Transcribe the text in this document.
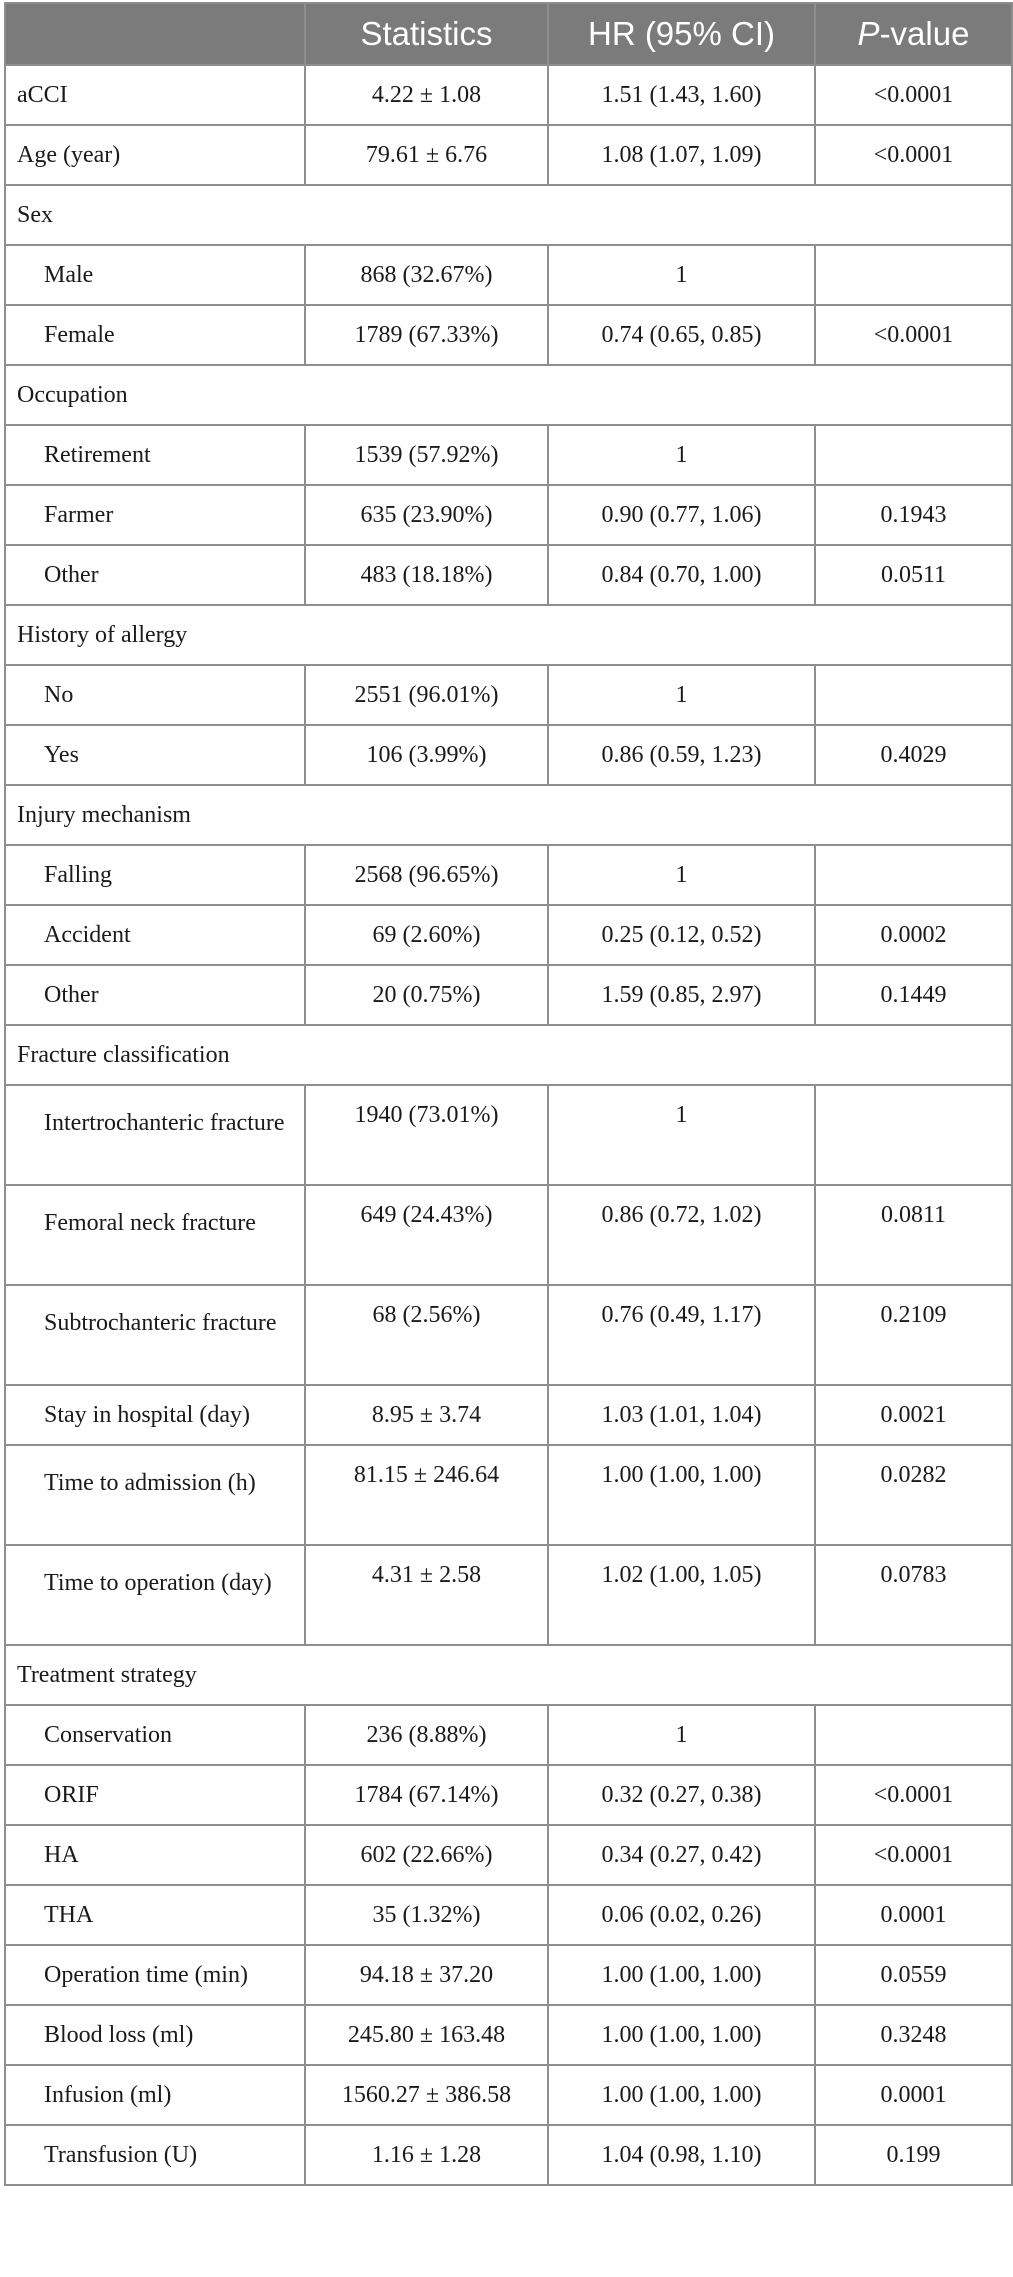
	Statistics	HR (95% CI)	P-value
aCCI	4.22 ± 1.08	1.51 (1.43, 1.60)	<0.0001
Age (year)	79.61 ± 6.76	1.08 (1.07, 1.09)	<0.0001
Sex			
Male	868 (32.67%)	1	
Female	1789 (67.33%)	0.74 (0.65, 0.85)	<0.0001
Occupation			
Retirement	1539 (57.92%)	1	
Farmer	635 (23.90%)	0.90 (0.77, 1.06)	0.1943
Other	483 (18.18%)	0.84 (0.70, 1.00)	0.0511
History of allergy			
No	2551 (96.01%)	1	
Yes	106 (3.99%)	0.86 (0.59, 1.23)	0.4029
Injury mechanism			
Falling	2568 (96.65%)	1	
Accident	69 (2.60%)	0.25 (0.12, 0.52)	0.0002
Other	20 (0.75%)	1.59 (0.85, 2.97)	0.1449
Fracture classification			
Intertrochanteric fracture	1940 (73.01%)	1	
Femoral neck fracture	649 (24.43%)	0.86 (0.72, 1.02)	0.0811
Subtrochanteric fracture	68 (2.56%)	0.76 (0.49, 1.17)	0.2109
Stay in hospital (day)	8.95 ± 3.74	1.03 (1.01, 1.04)	0.0021
Time to admission (h)	81.15 ± 246.64	1.00 (1.00, 1.00)	0.0282
Time to operation (day)	4.31 ± 2.58	1.02 (1.00, 1.05)	0.0783
Treatment strategy			
Conservation	236 (8.88%)	1	
ORIF	1784 (67.14%)	0.32 (0.27, 0.38)	<0.0001
HA	602 (22.66%)	0.34 (0.27, 0.42)	<0.0001
THA	35 (1.32%)	0.06 (0.02, 0.26)	0.0001
Operation time (min)	94.18 ± 37.20	1.00 (1.00, 1.00)	0.0559
Blood loss (ml)	245.80 ± 163.48	1.00 (1.00, 1.00)	0.3248
Infusion (ml)	1560.27 ± 386.58	1.00 (1.00, 1.00)	0.0001
Transfusion (U)	1.16 ± 1.28	1.04 (0.98, 1.10)	0.199
